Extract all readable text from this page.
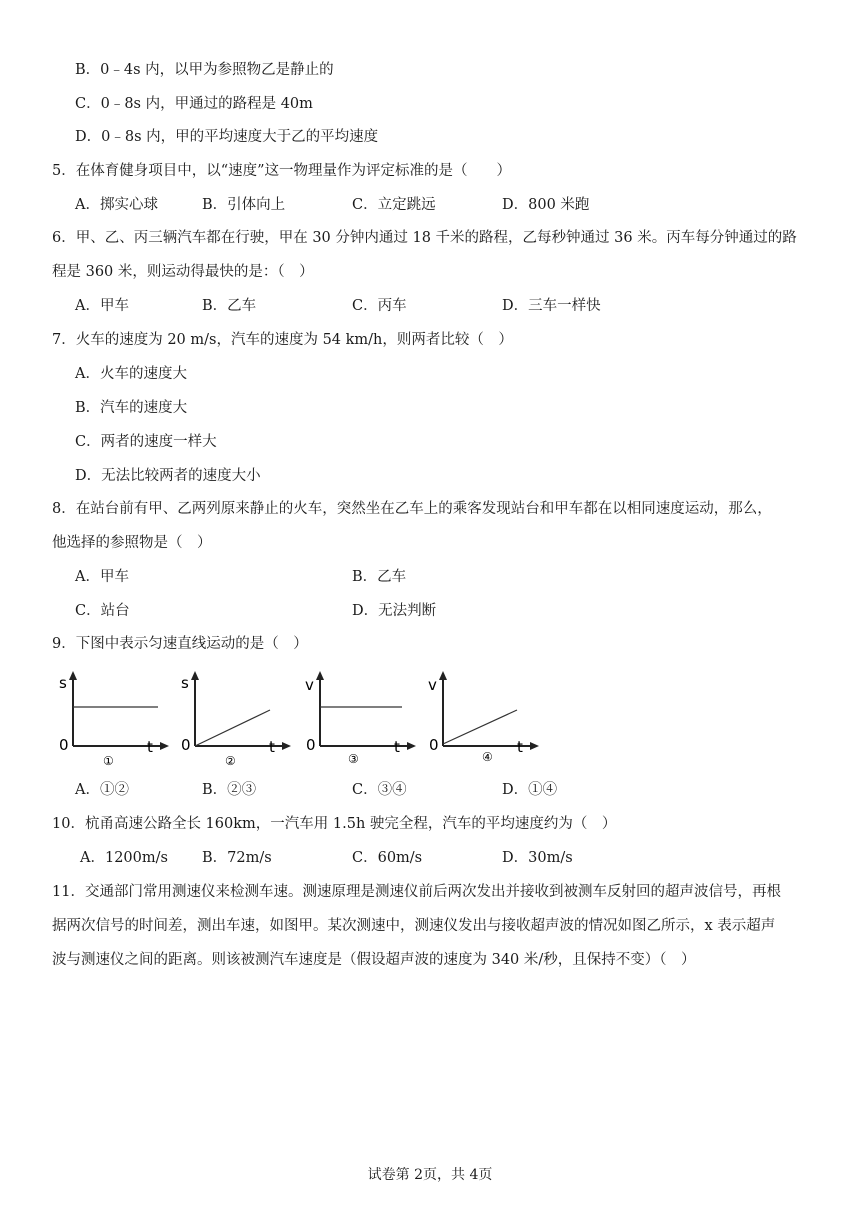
B．0﹣4s 内，以甲为参照物乙是静止的
C．0﹣8s 内，甲通过的路程是 40m
D．0﹣8s 内，甲的平均速度大于乙的平均速度
5．在体育健身项目中，以“速度”这一物理量作为评定标准的是（　　）
A．掷实心球	B．引体向上	C．立定跳远	D．800 米跑
6．甲、乙、丙三辆汽车都在行驶，甲在 30 分钟内通过 18 千米的路程，乙每秒钟通过 36 米。丙车每分钟通过的路
程是 360 米，则运动得最快的是：（　）
A．甲车	B．乙车	C．丙车	D．三车一样快
7．火车的速度为 20 m/s，汽车的速度为 54 km/h，则两者比较（　）
A．火车的速度大
B．汽车的速度大
C．两者的速度一样大
D．无法比较两者的速度大小
8．在站台前有甲、乙两列原来静止的火车，突然坐在乙车上的乘客发现站台和甲车都在以相同速度运动，那么，
他选择的参照物是（　）
A．甲车	B．乙车
C．站台	D．无法判断
9．下图中表示匀速直线运动的是（　）
s
t
0
①
s
t
0
②
v
t
0
③
v
t
0
④
A．①②	B．②③	C．③④	D．①④
10．杭甬高速公路全长 160km，一汽车用 1.5h 驶完全程，汽车的平均速度约为（　）
A．1200m/s B．72m/s	C．60m/s	D．30m/s
11．交通部门常用测速仪来检测车速。测速原理是测速仪前后两次发出并接收到被测车反射回的超声波信号，再根
据两次信号的时间差，测出车速，如图甲。某次测速中，测速仪发出与接收超声波的情况如图乙所示，x 表示超声
波与测速仪之间的距离。则该被测汽车速度是（假设超声波的速度为 340 米/秒，且保持不变）（　）
试卷第 2页，共 4页
